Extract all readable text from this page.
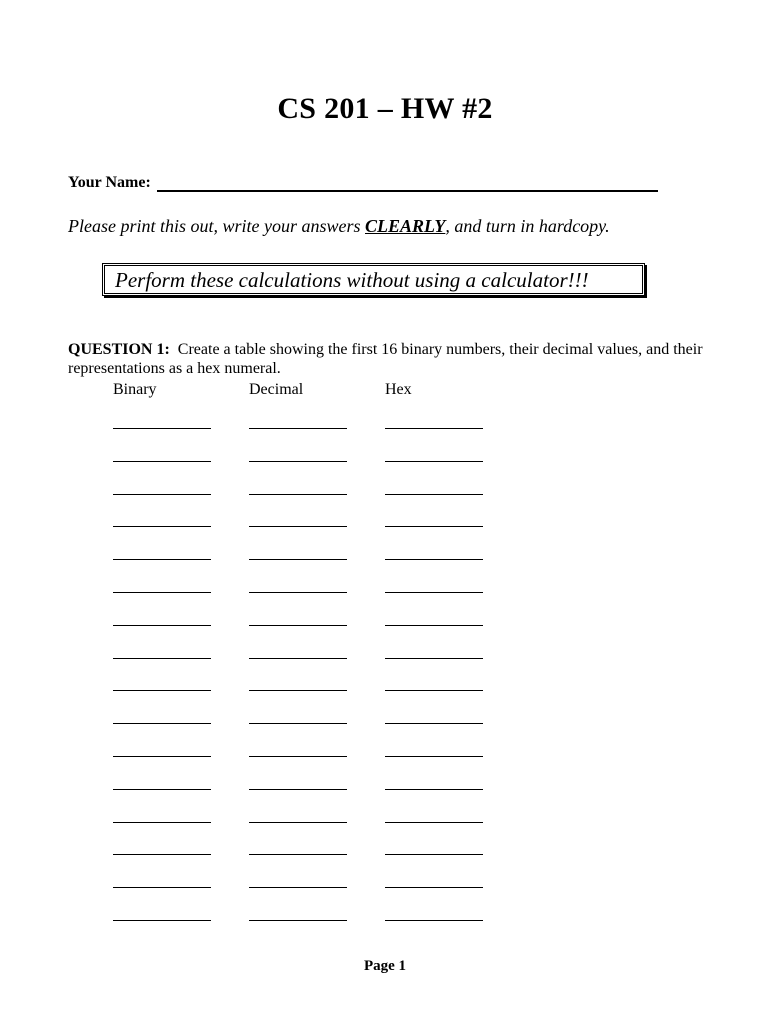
CS 201 – HW #2
Your Name:
Please print this out, write your answers CLEARLY, and turn in hardcopy.
Perform these calculations without using a calculator!!!
QUESTION 1: Create a table showing the first 16 binary numbers, their decimal values, and their representations as a hex numeral.
Binary	Decimal	Hex
Page 1
